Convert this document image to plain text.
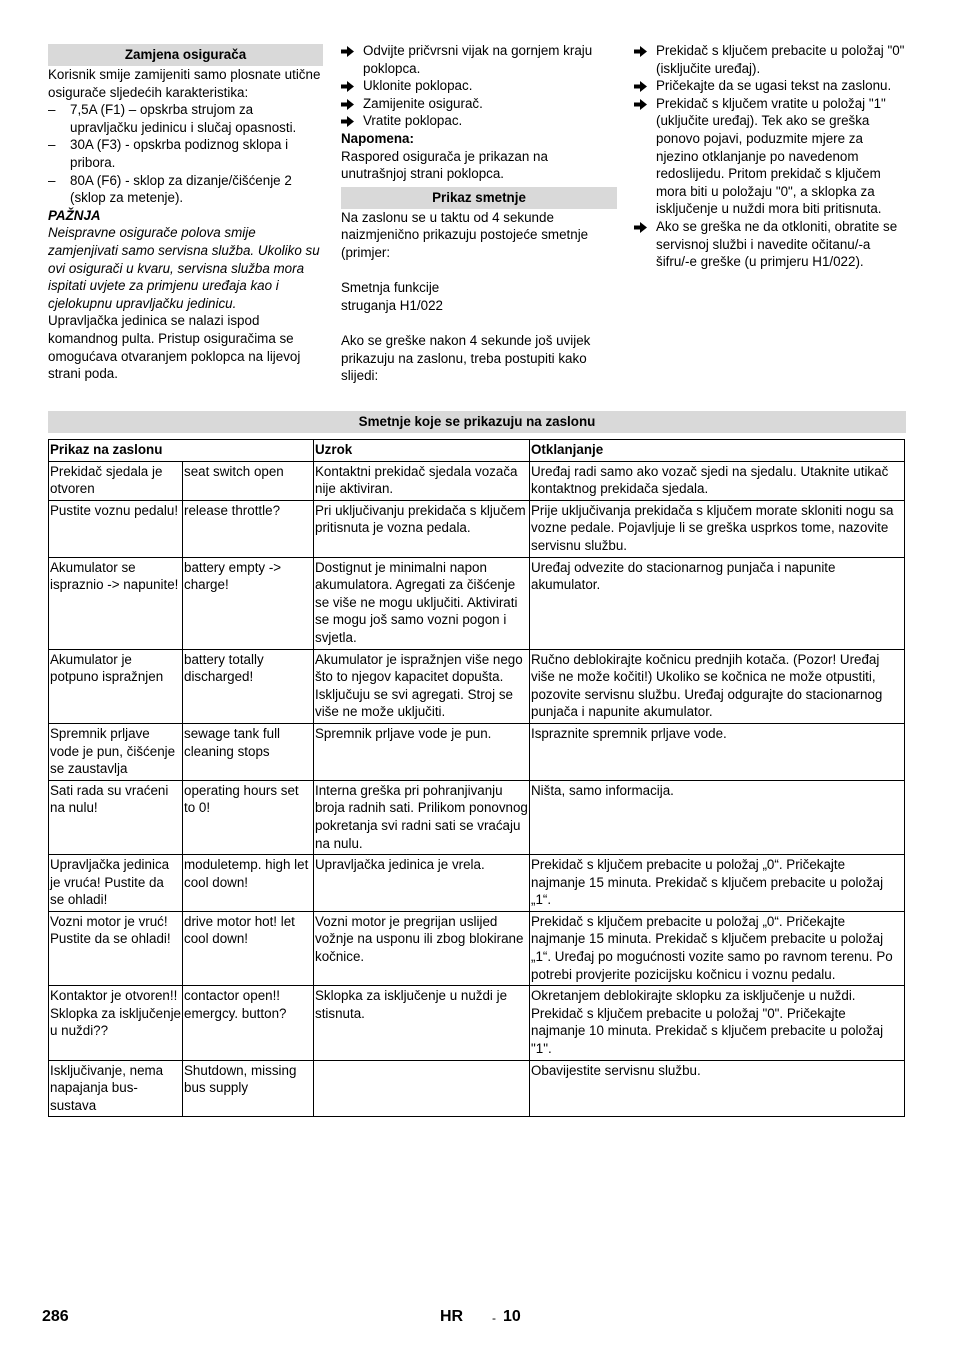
Zamjena osigurača

Korisnik smije zamijeniti samo plosnate utične osigurače sljedećih karakteristika:

– 7,5A (F1) – opskrba strujom za upravljačku jedinicu i slučaj opasnosti.
– 30A (F3) - opskrba podiznog sklopa i pribora.
– 80A (F6) - sklop za dizanje/čišćenje 2 (sklop za metenje).

PAŽNJA

Neispravne osigurače polova smije zamjenjivati samo servisna služba. Ukoliko su ovi osigurači u kvaru, servisna služba mora ispitati uvjete za primjenu uređaja kao i cjelokupnu upravljačku jedinicu.

Upravljačka jedinica se nalazi ispod komandnog pulta. Pristup osiguračima se omogućava otvaranjem poklopca na lijevoj strani poda.

Odvijte pričvrsni vijak na gornjem kraju poklopca.
Uklonite poklopac.
Zamijenite osigurač.
Vratite poklopac.

Napomena:

Raspored osigurača je prikazan na unutrašnjoj strani poklopca.

Prikaz smetnje

Na zaslonu se u taktu od 4 sekunde naizmjenično prikazuju postojeće smetnje (primjer:

Smetnja funkcije

struganja H1/022

Ako se greške nakon 4 sekunde još uvijek prikazuju na zaslonu, treba postupiti kako slijedi:

Prekidač s ključem prebacite u položaj "0" (isključite uređaj).
Pričekajte da se ugasi tekst na zaslonu.
Prekidač s ključem vratite u položaj "1" (uključite uređaj). Tek ako se greška ponovo pojavi, poduzmite mjere za njezino otklanjanje po navedenom redoslijedu. Pritom prekidač s ključem mora biti u položaju "0", a sklopka za isključenje u nuždi mora biti pritisnuta.
Ako se greška ne da otkloniti, obratite se servisnoj službi i navedite očitanu/-a šifru/-e greške (u primjeru H1/022).
Smetnje koje se prikazuju na zaslonu
Prikaz na zaslonu		Uzrok	Otklanjanje
Prekidač sjedala je otvoren	seat switch open	Kontaktni prekidač sjedala vozača nije aktiviran.	Uređaj radi samo ako vozač sjedi na sjedalu. Utaknite utikač kontaktnog prekidača sjedala.
Pustite voznu pedalu!	release throttle?	Pri uključivanju prekidača s ključem pritisnuta je vozna pedala.	Prije uključivanja prekidača s ključem morate skloniti nogu sa vozne pedale. Pojavljuje li se greška usprkos tome, nazovite servisnu službu.
Akumulator se ispraznio -> napunite!	battery empty -> charge!	Dostignut je minimalni napon akumulatora. Agregati za čišćenje se više ne mogu uključiti. Aktivirati se mogu još samo vozni pogon i svjetla.	Uređaj odvezite do stacionarnog punjača i napunite akumulator.
Akumulator je potpuno ispražnjen	battery totally discharged!	Akumulator je ispražnjen više nego što to njegov kapacitet dopušta. Isključuju se svi agregati. Stroj se više ne može uključiti.	Ručno deblokirajte kočnicu prednjih kotača. (Pozor! Uređaj više ne može kočiti!) Ukoliko se kočnica ne može otpustiti, pozovite servisnu službu. Uređaj odgurajte do stacionarnog punjača i napunite akumulator.
Spremnik prljave vode je pun, čišćenje se zaustavlja	sewage tank full cleaning stops	Spremnik prljave vode je pun.	Ispraznite spremnik prljave vode.
Sati rada su vraćeni na nulu!	operating hours set to 0!	Interna greška pri pohranjivanju broja radnih sati. Prilikom ponovnog pokretanja svi radni sati se vraćaju na nulu.	Ništa, samo informacija.
Upravljačka jedinica je vruća! Pustite da se ohladi!	moduletemp. high let cool down!	Upravljačka jedinica je vrela.	Prekidač s ključem prebacite u položaj „0“. Pričekajte najmanje 15 minuta. Prekidač s ključem prebacite u položaj „1“.
Vozni motor je vruć! Pustite da se ohladi!	drive motor hot! let cool down!	Vozni motor je pregrijan uslijed vožnje na usponu ili zbog blokirane kočnice.	Prekidač s ključem prebacite u položaj „0“. Pričekajte najmanje 15 minuta. Prekidač s ključem prebacite u položaj „1“. Uređaj po mogućnosti vozite samo po ravnom terenu. Po potrebi provjerite pozicijsku kočnicu i voznu pedalu.
Kontaktor je otvoren!! Sklopka za isključenje u nuždi??	contactor open!! emergcy. button?	Sklopka za isključenje u nuždi je stisnuta.	Okretanjem deblokirajte sklopku za isključenje u nuždi. Prekidač s ključem prebacite u položaj "0". Pričekajte najmanje 10 minuta. Prekidač s ključem prebacite u položaj "1".
Isključivanje, nema napajanja bus-sustava	Shutdown, missing bus supply		Obavijestite servisnu službu.
286	HR - 10
